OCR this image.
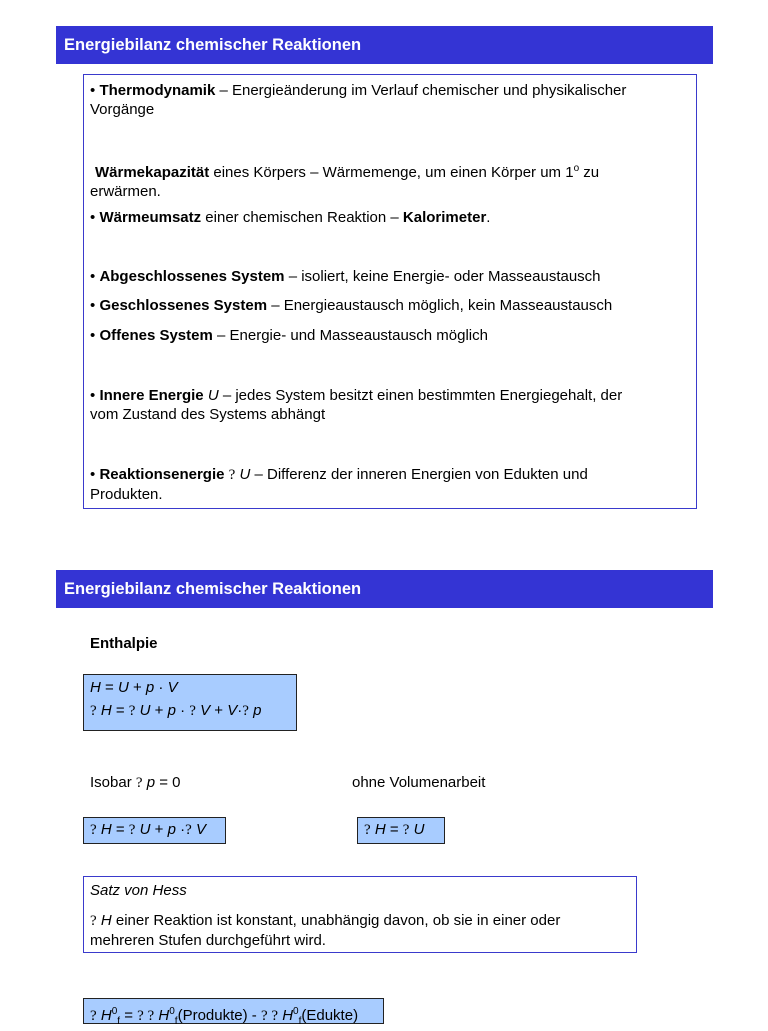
Energiebilanz chemischer Reaktionen
• Thermodynamik – Energieänderung im Verlauf chemischer und physikalischer
Vorgänge
Wärmekapazität eines Körpers – Wärmemenge, um einen Körper um 1$^o$ zu
erwärmen.
• Wärmeumsatz einer chemischen Reaktion – Kalorimeter.
• Abgeschlossenes System – isoliert, keine Energie- oder Masseaustausch
• Geschlossenes System – Energieaustausch möglich, kein Masseaustausch
• Offenes System – Energie- und Masseaustausch möglich
• Innere Energie U – jedes System besitzt einen bestimmten Energiegehalt, der
vom Zustand des Systems abhängt
• Reaktionsenergie ? U – Differenz der inneren Energien von Edukten und
Produkten.
Energiebilanz chemischer Reaktionen
Enthalpie
H = U + p · V
? H = ? U + p · ? V + V·? p
Isobar ? p = 0	ohne Volumenarbeit
? H = ? U + p ·? V	? H = ? U
Satz von Hess
? H einer Reaktion ist konstant, unabhängig davon, ob sie in einer oder
mehreren Stufen durchgeführt wird.
? $H^0_f$ = ? ? $H^0_f(Produkte)$ - ? ? $H^0_f(Edukte)$
